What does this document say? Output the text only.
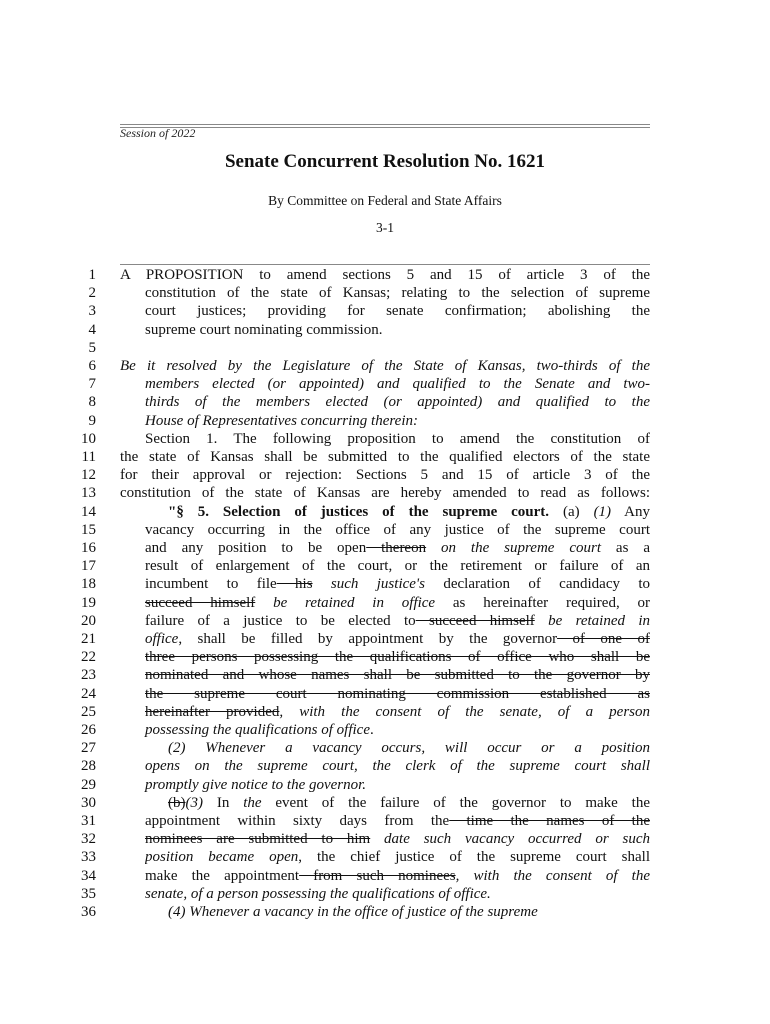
Session of 2022
Senate Concurrent Resolution No. 1621
By Committee on Federal and State Affairs
3-1
1
2
3
4
5
6
7
8
9
10
11
12
13
14
15
16
17
18
19
20
21
22
23
24
25
26
27
28
29
30
31
32
33
34
35
36
A PROPOSITION to amend sections 5 and 15 of article 3 of the
constitution of the state of Kansas; relating to the selection of supreme
court justices; providing for senate confirmation; abolishing the
supreme court nominating commission.
Be it resolved by the Legislature of the State of Kansas, two-thirds of the
members elected (or appointed) and qualified to the Senate and two-
thirds of the members elected (or appointed) and qualified to the
House of Representatives concurring therein:
Section 1. The following proposition to amend the constitution of
the state of Kansas shall be submitted to the qualified electors of the state
for their approval or rejection: Sections 5 and 15 of article 3 of the
constitution of the state of Kansas are hereby amended to read as follows:
"§ 5. Selection of justices of the supreme court. (a) (1) Any
vacancy occurring in the office of any justice of the supreme court
and any position to be open thereon on the supreme court as a
result of enlargement of the court, or the retirement or failure of an
incumbent to file his such justice's declaration of candidacy to
succeed himself be retained in office as hereinafter required, or
failure of a justice to be elected to succeed himself be retained in
office, shall be filled by appointment by the governor of one of
three persons possessing the qualifications of office who shall be
nominated and whose names shall be submitted to the governor by
the supreme court nominating commission established as
hereinafter provided, with the consent of the senate, of a person
possessing the qualifications of office.
(2) Whenever a vacancy occurs, will occur or a position
opens on the supreme court, the clerk of the supreme court shall
promptly give notice to the governor.
(b)(3) In the event of the failure of the governor to make the
appointment within sixty days from the time the names of the
nominees are submitted to him date such vacancy occurred or such
position became open, the chief justice of the supreme court shall
make the appointment from such nominees, with the consent of the
senate, of a person possessing the qualifications of office.
(4) Whenever a vacancy in the office of justice of the supreme
